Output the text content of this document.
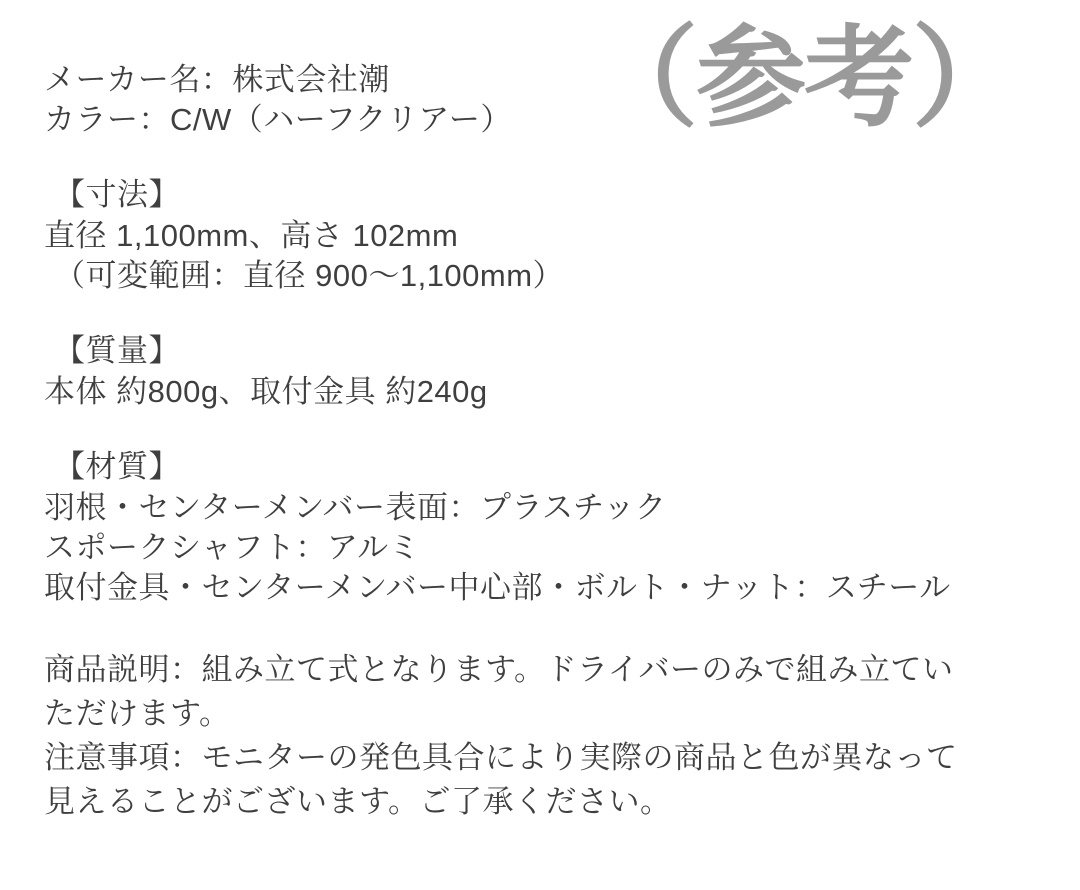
（参考）
メーカー名：株式会社潮
カラー：C/W（ハーフクリアー）
【寸法】
直径 1,100mm、高さ 102mm
（可変範囲：直径 900〜1,100mm）
【質量】
本体 約800g、取付金具 約240g
【材質】
羽根・センターメンバー表面：プラスチック
スポークシャフト：アルミ
取付金具・センターメンバー中心部・ボルト・ナット：スチール
商品説明：組み立て式となります。ドライバーのみで組み立てい
ただけます。
注意事項：モニターの発色具合により実際の商品と色が異なって
見えることがございます。ご了承ください。
